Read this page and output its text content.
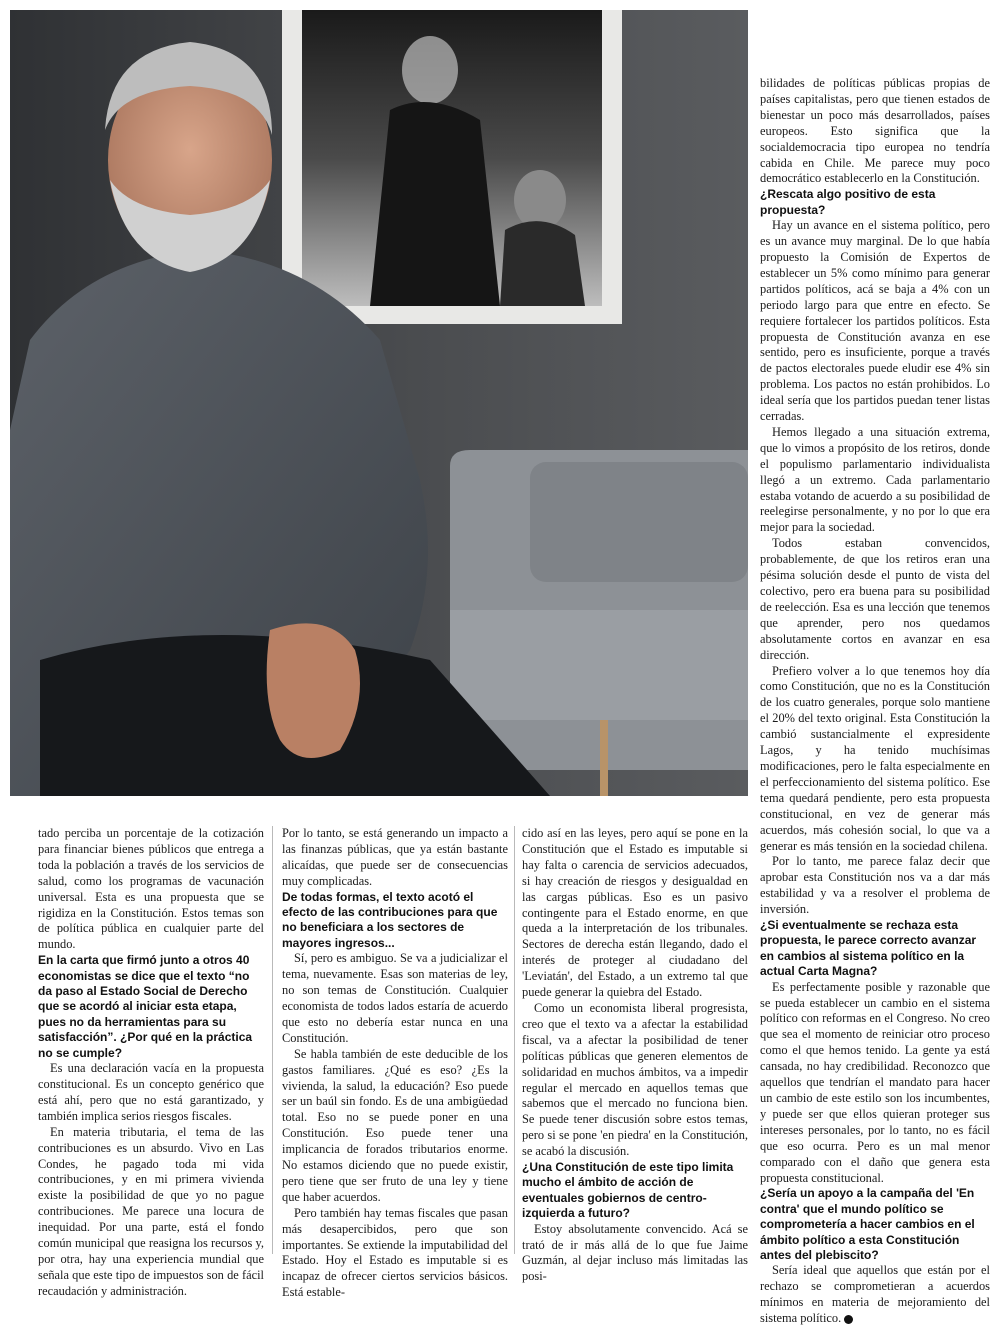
bilidades de políticas públicas propias de países capitalistas, pero que tienen estados de bienestar un poco más desarrollados, países europeos. Esto significa que la socialdemocracia tipo europea no tendría cabida en Chile. Me parece muy poco democrático establecerlo en la Constitución.

¿Rescata algo positivo de esta propuesta?

Hay un avance en el sistema político, pero es un avance muy marginal. De lo que había propuesto la Comisión de Expertos de establecer un 5% como mínimo para generar partidos políticos, acá se baja a 4% con un periodo largo para que entre en efecto. Se requiere fortalecer los partidos políticos. Esta propuesta de Constitución avanza en ese sentido, pero es insuficiente, porque a través de pactos electorales puede eludir ese 4% sin problema. Los pactos no están prohibidos. Lo ideal sería que los partidos puedan tener listas cerradas.

Hemos llegado a una situación extrema, que lo vimos a propósito de los retiros, donde el populismo parlamentario individualista llegó a un extremo. Cada parlamentario estaba votando de acuerdo a su posibilidad de reelegirse personalmente, y no por lo que era mejor para la sociedad.

Todos estaban convencidos, probablemente, de que los retiros eran una pésima solución desde el punto de vista del colectivo, pero era buena para su posibilidad de reelección. Esa es una lección que tenemos que aprender, pero nos quedamos absolutamente cortos en avanzar en esa dirección.

Prefiero volver a lo que tenemos hoy día como Constitución, que no es la Constitución de los cuatro generales, porque solo mantiene el 20% del texto original. Esta Constitución la cambió sustancialmente el expresidente Lagos, y ha tenido muchísimas modificaciones, pero le falta especialmente en el perfeccionamiento del sistema político. Ese tema quedará pendiente, pero esta propuesta constitucional, en vez de generar más acuerdos, más cohesión social, lo que va a generar es más tensión en la sociedad chilena.

Por lo tanto, me parece falaz decir que aprobar esta Constitución nos va a dar más estabilidad y va a resolver el problema de inversión.

¿Si eventualmente se rechaza esta propuesta, le parece correcto avanzar en cambios al sistema político en la actual Carta Magna?

Es perfectamente posible y razonable que se pueda establecer un cambio en el sistema político con reformas en el Congreso. No creo que sea el momento de reiniciar otro proceso como el que hemos tenido. La gente ya está cansada, no hay credibilidad. Reconozco que aquellos que tendrían el mandato para hacer un cambio de este estilo son los incumbentes, y puede ser que ellos quieran proteger sus intereses personales, por lo tanto, no es fácil que eso ocurra. Pero es un mal menor comparado con el daño que genera esta propuesta constitucional.

¿Sería un apoyo a la campaña del 'En contra' que el mundo político se comprometería a hacer cambios en el ámbito político a esta Constitución antes del plebiscito?

Sería ideal que aquellos que están por el rechazo se comprometieran a acuerdos mínimos en materia de mejoramiento del sistema político. ◆

tado perciba un porcentaje de la cotización para financiar bienes públicos que entrega a toda la población a través de los servicios de salud, como los programas de vacunación universal. Esta es una propuesta que se rigidiza en la Constitución. Estos temas son de política pública en cualquier parte del mundo.

En la carta que firmó junto a otros 40 economistas se dice que el texto “no da paso al Estado Social de Derecho que se acordó al iniciar esta etapa, pues no da herramientas para su satisfacción”. ¿Por qué en la práctica no se cumple?

Es una declaración vacía en la propuesta constitucional. Es un concepto genérico que está ahí, pero que no está garantizado, y también implica serios riesgos fiscales.

En materia tributaria, el tema de las contribuciones es un absurdo. Vivo en Las Condes, he pagado toda mi vida contribuciones, y en mi primera vivienda existe la posibilidad de que yo no pague contribuciones. Me parece una locura de inequidad. Por una parte, está el fondo común municipal que reasigna los recursos y, por otra, hay una experiencia mundial que señala que este tipo de impuestos son de fácil recaudación y administración.

Por lo tanto, se está generando un impacto a las finanzas públicas, que ya están bastante alicaídas, que puede ser de consecuencias muy complicadas.

De todas formas, el texto acotó el efecto de las contribuciones para que no beneficiara a los sectores de mayores ingresos...

Sí, pero es ambiguo. Se va a judicializar el tema, nuevamente. Esas son materias de ley, no son temas de Constitución. Cualquier economista de todos lados estaría de acuerdo que esto no debería estar nunca en una Constitución.

Se habla también de este deducible de los gastos familiares. ¿Qué es eso? ¿Es la vivienda, la salud, la educación? Eso puede ser un baúl sin fondo. Es de una ambigüedad total. Eso no se puede poner en una Constitución. Eso puede tener una implicancia de forados tributarios enorme. No estamos diciendo que no puede existir, pero tiene que ser fruto de una ley y tiene que haber acuerdos.

Pero también hay temas fiscales que pasan más desapercibidos, pero que son importantes. Se extiende la imputabilidad del Estado. Hoy el Estado es imputable si es incapaz de ofrecer ciertos servicios básicos. Está estable-

cido así en las leyes, pero aquí se pone en la Constitución que el Estado es imputable si hay falta o carencia de servicios adecuados, si hay creación de riesgos y desigualdad en las cargas públicas. Eso es un pasivo contingente para el Estado enorme, en que queda a la interpretación de los tribunales. Sectores de derecha están llegando, dado el interés de proteger al ciudadano del 'Leviatán', del Estado, a un extremo tal que puede generar la quiebra del Estado.

Como un economista liberal progresista, creo que el texto va a afectar la estabilidad fiscal, va a afectar la posibilidad de tener políticas públicas que generen elementos de solidaridad en muchos ámbitos, va a impedir regular el mercado en aquellos temas que sabemos que el mercado no funciona bien. Se puede tener discusión sobre estos temas, pero si se pone 'en piedra' en la Constitución, se acabó la discusión.

¿Una Constitución de este tipo limita mucho el ámbito de acción de eventuales gobiernos de centro-izquierda a futuro?

Estoy absolutamente convencido. Acá se trató de ir más allá de lo que fue Jaime Guzmán, al dejar incluso más limitadas las posi-
